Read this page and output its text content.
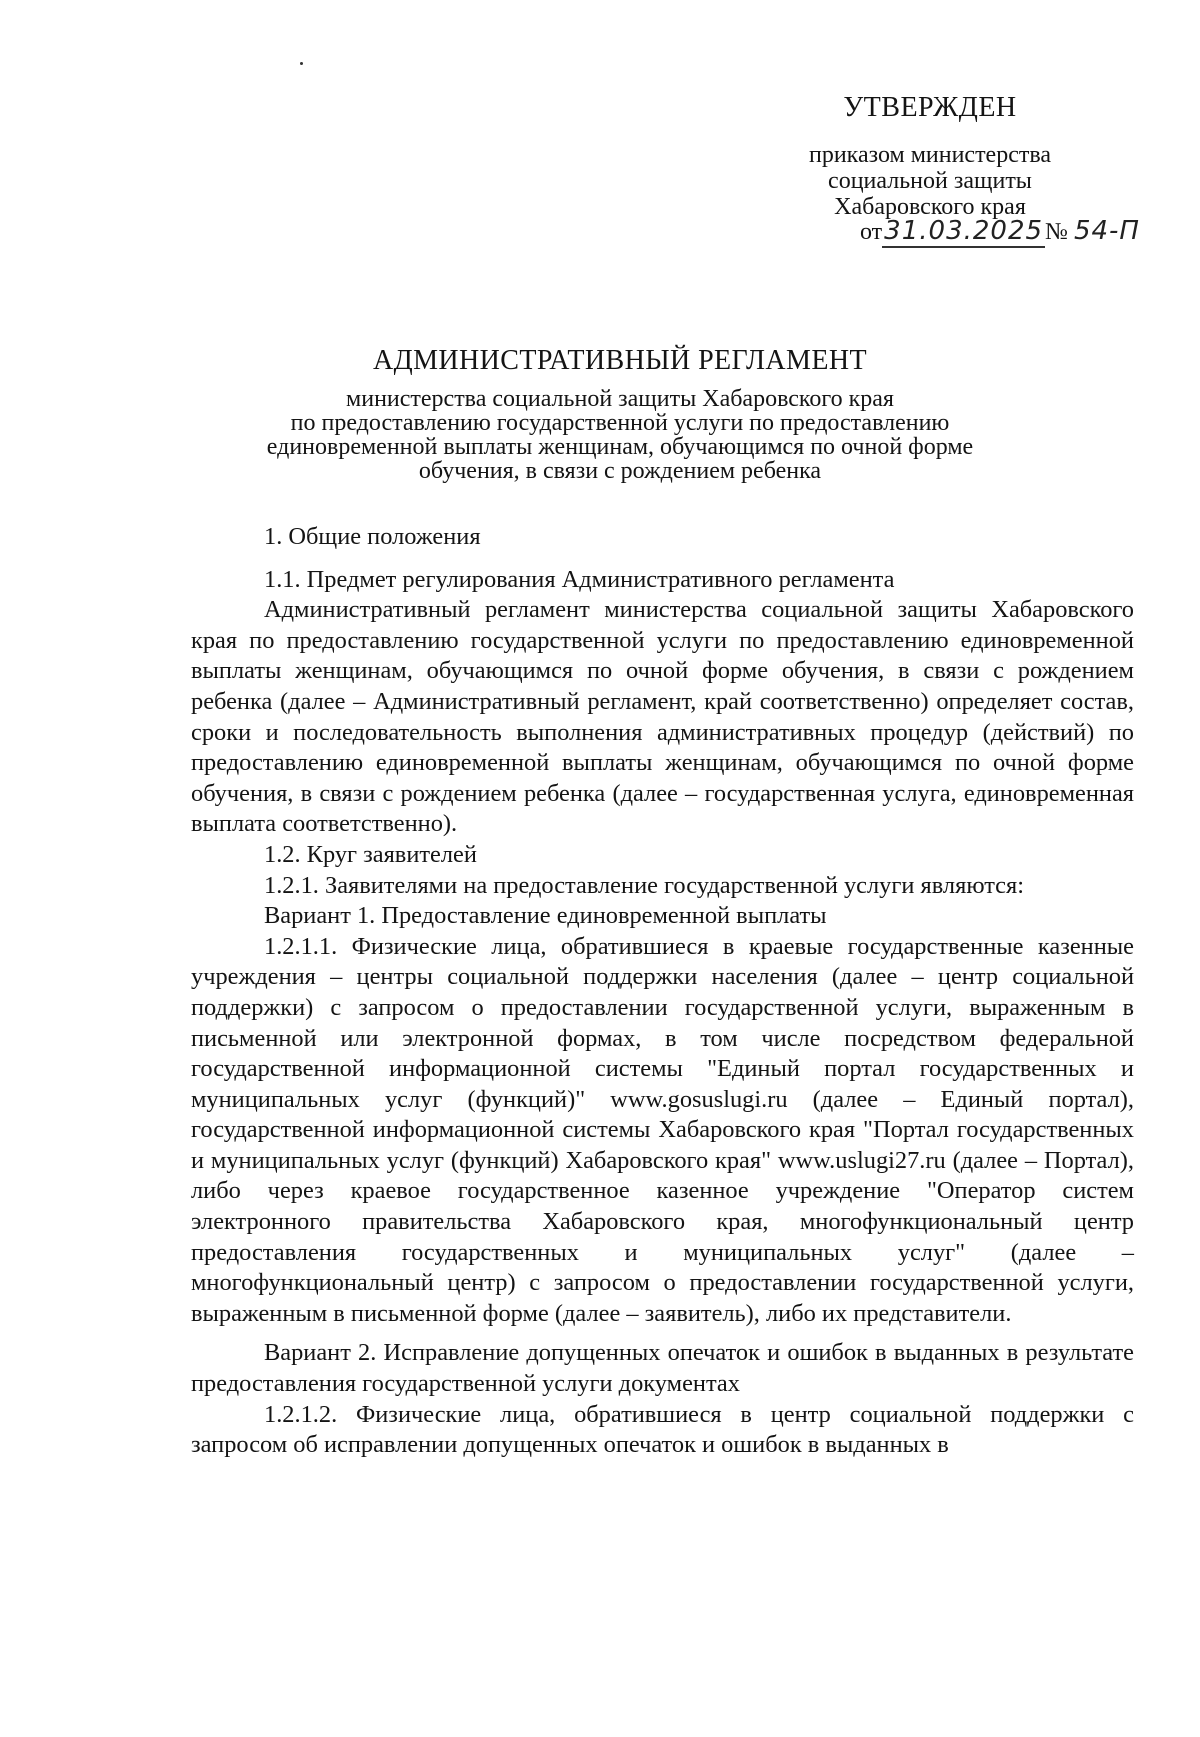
УТВЕРЖДЕН
приказом министерства
социальной защиты
Хабаровского края
от31.03.2025№ 54-П
АДМИНИСТРАТИВНЫЙ РЕГЛАМЕНТ

министерства социальной защиты Хабаровского края

по предоставлению государственной услуги по предоставлению

единовременной выплаты женщинам, обучающимся по очной форме

обучения, в связи с рождением ребенка

1. Общие положения

1.1. Предмет регулирования Административного регламента

Административный регламент министерства социальной защиты Хабаровского края по предоставлению государственной услуги по предоставлению единовременной выплаты женщинам, обучающимся по очной форме обучения, в связи с рождением ребенка (далее – Административный регламент, край соответственно) определяет состав, сроки и последовательность выполнения административных процедур (действий) по предоставлению единовременной выплаты женщинам, обучающимся по очной форме обучения, в связи с рождением ребенка (далее – государственная услуга, единовременная выплата соответственно).

1.2. Круг заявителей

1.2.1. Заявителями на предоставление государственной услуги являются:

Вариант 1. Предоставление единовременной выплаты

1.2.1.1. Физические лица, обратившиеся в краевые государственные казенные учреждения – центры социальной поддержки населения (далее – центр социальной поддержки) с запросом о предоставлении государственной услуги, выраженным в письменной или электронной формах, в том числе посредством федеральной государственной информационной системы "Единый портал государственных и муниципальных услуг (функций)" www.gosuslugi.ru (далее – Единый портал), государственной информационной системы Хабаровского края "Портал государственных и муниципальных услуг (функций) Хабаровского края" www.uslugi27.ru (далее – Портал), либо через краевое государственное казенное учреждение "Оператор систем электронного правительства Хабаровского края, многофункциональный центр предоставления государственных и муниципальных услуг" (далее – многофункциональный центр) с запросом о предоставлении государственной услуги, выраженным в письменной форме (далее – заявитель), либо их представители.

Вариант 2. Исправление допущенных опечаток и ошибок в выданных в результате предоставления государственной услуги документах

1.2.1.2. Физические лица, обратившиеся в центр социальной поддержки с запросом об исправлении допущенных опечаток и ошибок в выданных в
